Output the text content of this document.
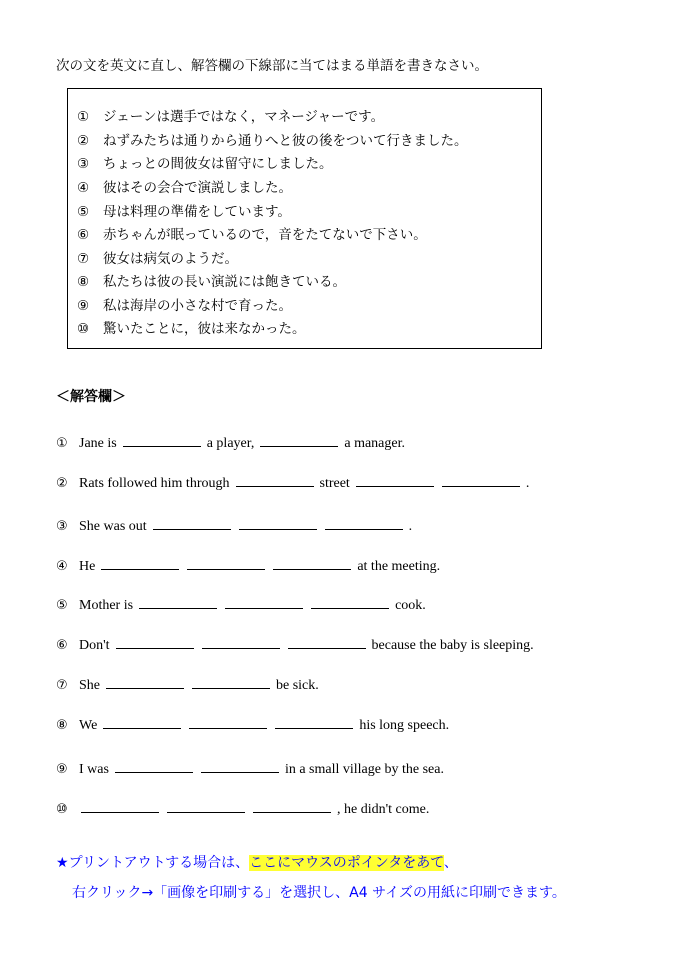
次の文を英文に直し、解答欄の下線部に当てはまる単語を書きなさい。
① ジェーンは選手ではなく，マネージャーです。
② ねずみたちは通りから通りへと彼の後をついて行きました。
③ ちょっとの間彼女は留守にしました。
④ 彼はその会合で演説しました。
⑤ 母は料理の準備をしています。
⑥ 赤ちゃんが眠っているので，音をたてないで下さい。
⑦ 彼女は病気のようだ。
⑧ 私たちは彼の長い演説には飽きている。
⑨ 私は海岸の小さな村で育った。
⑩ 驚いたことに，彼は来なかった。
＜解答欄＞
① Jane is	a player,	a manager.
② Rats followed him through	street	.
③ She was out	.
④ He	at the meeting.
⑤ Mother is	cook.
⑥ Don't	because the baby is sleeping.
⑦ She	be sick.
⑧ We	his long speech.
⑨ I was	in a small village by the sea.
⑩	, he didn't come.
★プリントアウトする場合は、ここにマウスのポインタをあて、
右クリック→「画像を印刷する」を選択し、A4 サイズの用紙に印刷できます。
